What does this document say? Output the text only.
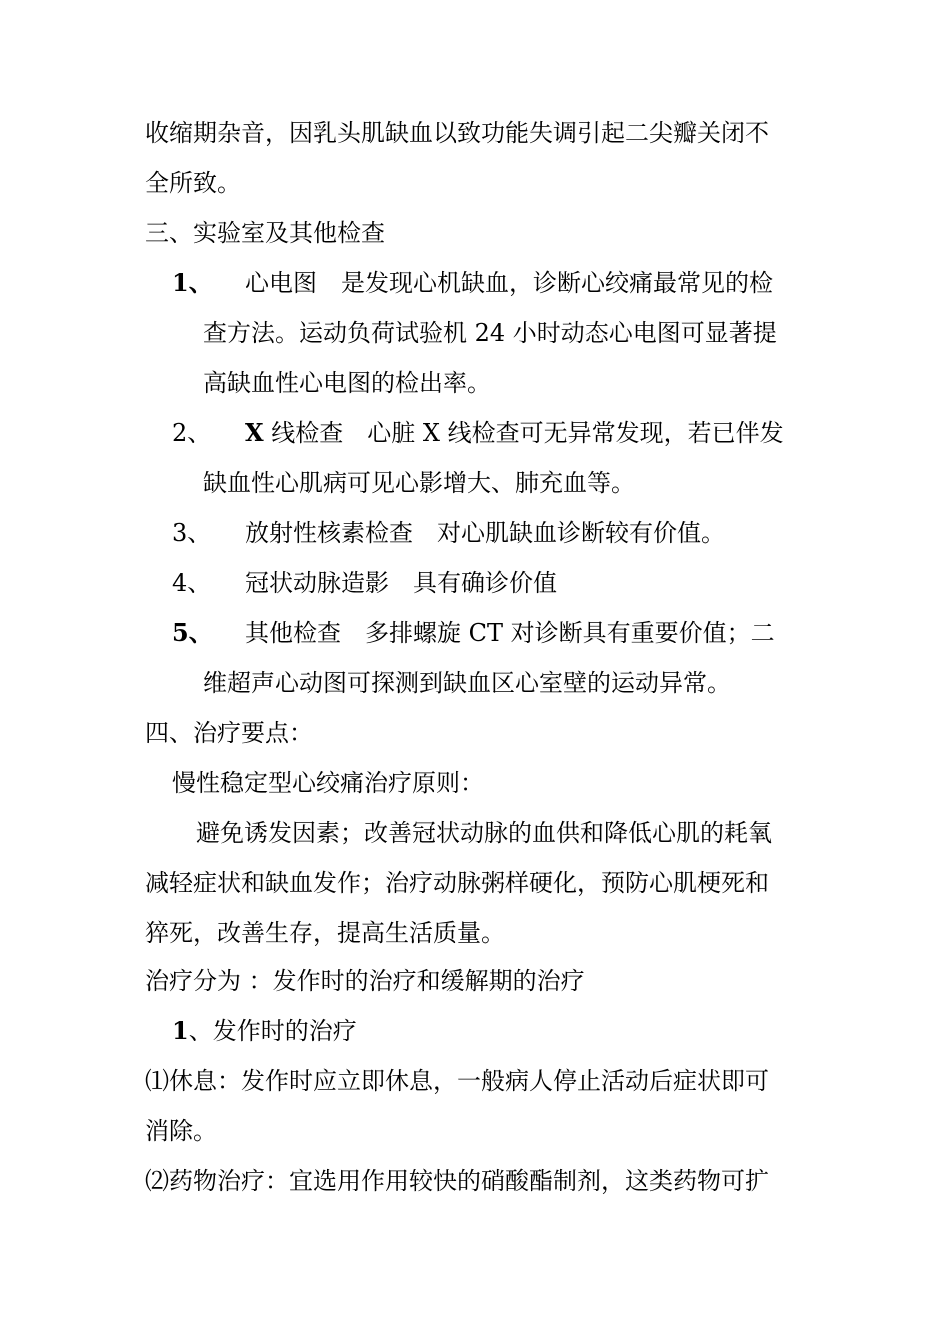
收缩期杂音，因乳头肌缺血以致功能失调引起二尖瓣关闭不
全所致。
三、实验室及其他检查
1、 心电图　是发现心机缺血，诊断心绞痛最常见的检
查方法。运动负荷试验机 24 小时动态心电图可显著提
高缺血性心电图的检出率。
2、 X 线检查　心脏 X 线检查可无异常发现，若已伴发
缺血性心肌病可见心影增大、肺充血等。
3、 放射性核素检查　对心肌缺血诊断较有价值。
4、 冠状动脉造影　具有确诊价值
5、 其他检查　多排螺旋 CT 对诊断具有重要价值；二
维超声心动图可探测到缺血区心室壁的运动异常。
四、治疗要点：
慢性稳定型心绞痛治疗原则：
避免诱发因素；改善冠状动脉的血供和降低心肌的耗氧
减轻症状和缺血发作；治疗动脉粥样硬化，预防心肌梗死和
猝死，改善生存，提高生活质量。
治疗分为 ：发作时的治疗和缓解期的治疗
1、发作时的治疗
⑴休息：发作时应立即休息，一般病人停止活动后症状即可
消除。
⑵药物治疗：宜选用作用较快的硝酸酯制剂，这类药物可扩
